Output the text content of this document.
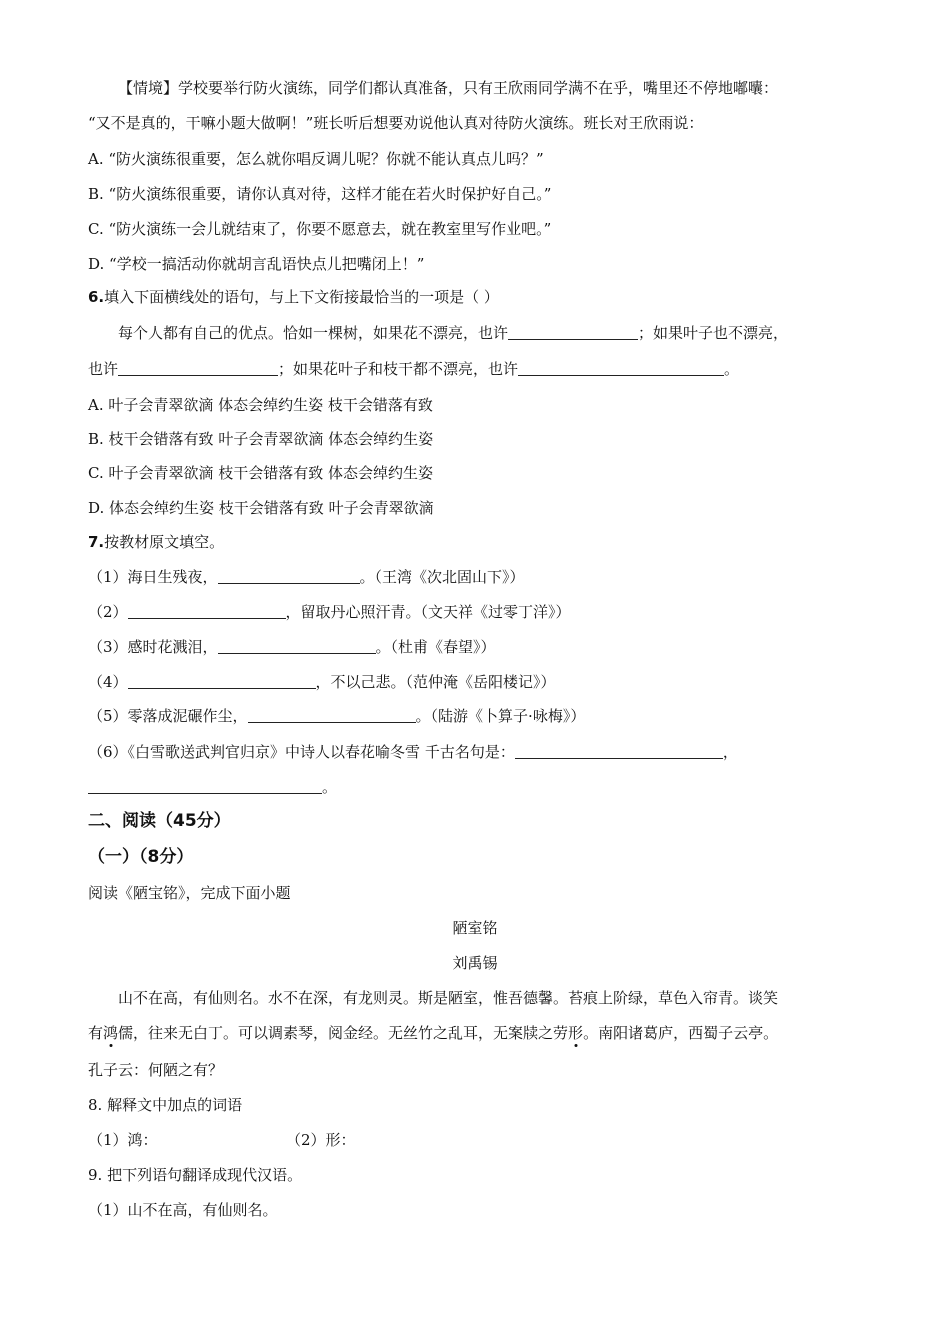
【情境】学校要举行防火演练，同学们都认真准备，只有王欣雨同学满不在乎，嘴里还不停地嘟囔：
“又不是真的，干嘛小题大做啊！”班长听后想要劝说他认真对待防火演练。班长对王欣雨说：
A. “防火演练很重要，怎么就你唱反调儿呢？你就不能认真点儿吗？”
B. “防火演练很重要，请你认真对待，这样才能在若火时保护好自己。”
C. “防火演练一会儿就结束了，你要不愿意去，就在教室里写作业吧。”
D. “学校一搞活动你就胡言乱语快点儿把嘴闭上！”
6.填入下面横线处的语句，与上下文衔接最恰当的一项是（ ）
每个人都有自己的优点。恰如一棵树，如果花不漂亮，也许	；如果叶子也不漂亮，
也许	；如果花叶子和枝干都不漂亮，也许	。
A. 叶子会青翠欲滴 体态会绰约生姿 枝干会错落有致
B. 枝干会错落有致 叶子会青翠欲滴 体态会绰约生姿
C. 叶子会青翠欲滴 枝干会错落有致 体态会绰约生姿
D. 体态会绰约生姿 枝干会错落有致 叶子会青翠欲滴
7.按教材原文填空。
（1）海日生残夜，	。（王湾《次北固山下》）
（2）	，留取丹心照汗青。（文天祥《过零丁洋》）
（3）感时花溅泪，	。（杜甫《春望》）
（4）	，不以己悲。（范仲淹《岳阳楼记》）
（5）零落成泥碾作尘，	。（陆游《卜算子·咏梅》）
（6）《白雪歌送武判官归京》中诗人以春花喻冬雪 千古名句是：	，
。
二、阅读（45分）
（一）（8分）
阅读《陋宝铭》，完成下面小题
陋室铭
刘禹锡
山不在高，有仙则名。水不在深，有龙则灵。斯是陋室，惟吾德馨。苔痕上阶绿，草色入帘青。谈笑
有鸿儒，往来无白丁。可以调素琴，阅金经。无丝竹之乱耳，无案牍之劳形。南阳诸葛庐，西蜀子云亭。
孔子云：何陋之有？
8. 解释文中加点的词语
（1）鸿：	（2）形：
9. 把下列语句翻译成现代汉语。
（1）山不在高，有仙则名。
